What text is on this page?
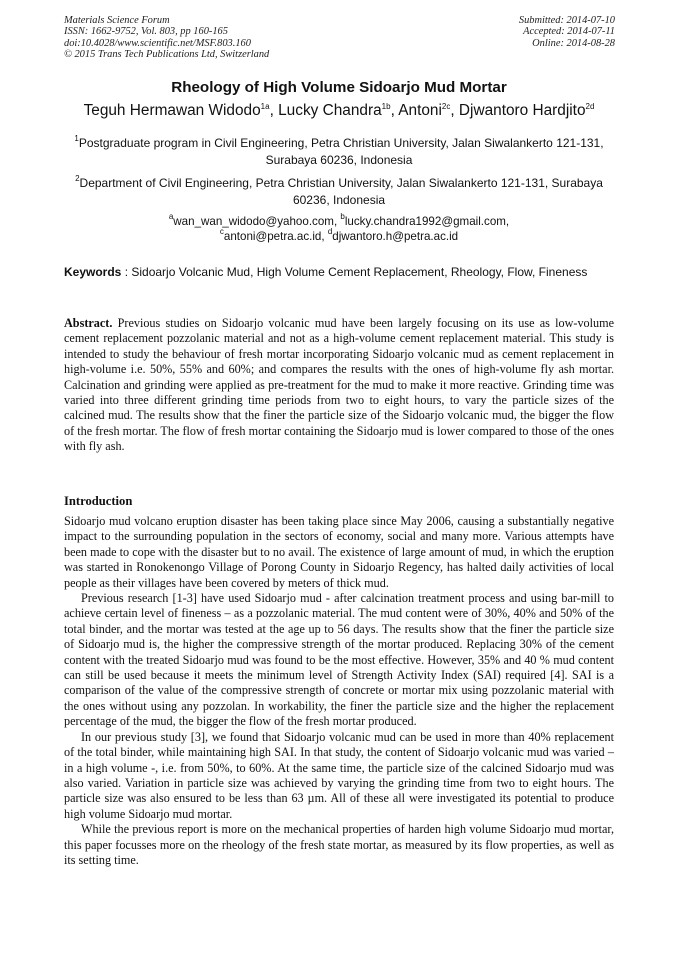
Materials Science Forum
ISSN: 1662-9752, Vol. 803, pp 160-165
doi:10.4028/www.scientific.net/MSF.803.160
© 2015 Trans Tech Publications Ltd, Switzerland
Submitted: 2014-07-10
Accepted: 2014-07-11
Online: 2014-08-28
Rheology of High Volume Sidoarjo Mud Mortar
Teguh Hermawan Widodo$^{1a}$, Lucky Chandra$^{1b}$, Antoni$^{2c}$, Djwantoro Hardjito$^{2d}$
$^1$Postgraduate program in Civil Engineering, Petra Christian University, Jalan Siwalankerto 121-131, Surabaya 60236, Indonesia
$^2$Department of Civil Engineering, Petra Christian University, Jalan Siwalankerto 121-131, Surabaya 60236, Indonesia
$^a$wan_wan_widodo@yahoo.com, $^b$lucky.chandra1992@gmail.com,
$^c$antoni@petra.ac.id, $^d$djwantoro.h@petra.ac.id
Keywords : Sidoarjo Volcanic Mud, High Volume Cement Replacement, Rheology, Flow, Fineness
Abstract. Previous studies on Sidoarjo volcanic mud have been largely focusing on its use as low-volume cement replacement pozzolanic material and not as a high-volume cement replacement material. This study is intended to study the behaviour of fresh mortar incorporating Sidoarjo volcanic mud as cement replacement in high-volume i.e. 50%, 55% and 60%; and compares the results with the ones of high-volume fly ash mortar. Calcination and grinding were applied as pre-treatment for the mud to make it more reactive. Grinding time was varied into three different grinding time periods from two to eight hours, to vary the particle sizes of the calcined mud. The results show that the finer the particle size of the Sidoarjo volcanic mud, the bigger the flow of the fresh mortar. The flow of fresh mortar containing the Sidoarjo mud is lower compared to those of the ones with fly ash.
Introduction

Sidoarjo mud volcano eruption disaster has been taking place since May 2006, causing a substantially negative impact to the surrounding population in the sectors of economy, social and many more. Various attempts have been made to cope with the disaster but to no avail. The existence of large amount of mud, in which the eruption was started in Ronokenongo Village of Porong County in Sidoarjo Regency, has halted daily activities of local people as their villages have been covered by meters of thick mud.

Previous research [1-3] have used Sidoarjo mud - after calcination treatment process and using bar-mill to achieve certain level of fineness – as a pozzolanic material. The mud content were of 30%, 40% and 50% of the total binder, and the mortar was tested at the age up to 56 days. The results show that the finer the particle size of Sidoarjo mud is, the higher the compressive strength of the mortar produced. Replacing 30% of the cement content with the treated Sidoarjo mud was found to be the most effective. However, 35% and 40 % mud content can still be used because it meets the minimum level of Strength Activity Index (SAI) required [4]. SAI is a comparison of the value of the compressive strength of concrete or mortar mix using pozzolanic material with the ones without using any pozzolan. In workability, the finer the particle size and the higher the replacement percentage of the mud, the bigger the flow of the fresh mortar produced.

In our previous study [3], we found that Sidoarjo volcanic mud can be used in more than 40% replacement of the total binder, while maintaining high SAI. In that study, the content of Sidoarjo volcanic mud was varied – in a high volume -, i.e. from 50%, to 60%. At the same time, the particle size of the calcined Sidoarjo mud was also varied. Variation in particle size was achieved by varying the grinding time from two to eight hours. The particle size was also ensured to be less than 63 µm. All of these all were investigated its potential to produce high volume Sidoarjo mud mortar.

While the previous report is more on the mechanical properties of harden high volume Sidoarjo mud mortar, this paper focusses more on the rheology of the fresh state mortar, as measured by its flow properties, as well as its setting time.
